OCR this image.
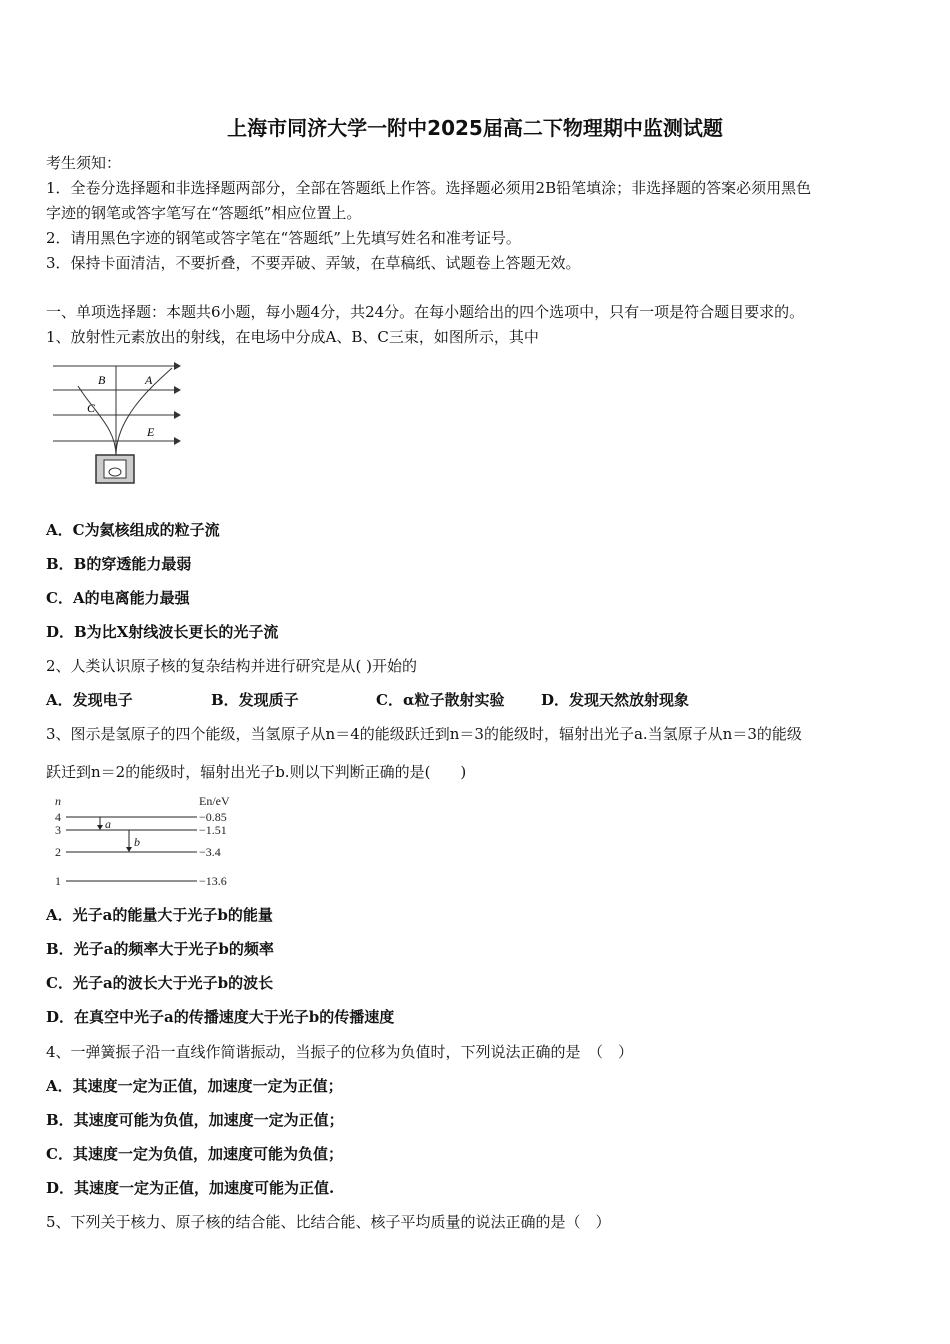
上海市同济大学一附中2025届高二下物理期中监测试题
考生须知：
1．全卷分选择题和非选择题两部分，全部在答题纸上作答。选择题必须用2B铅笔填涂；非选择题的答案必须用黑色
字迹的钢笔或答字笔写在“答题纸”相应位置上。
2．请用黑色字迹的钢笔或答字笔在“答题纸”上先填写姓名和准考证号。
3．保持卡面清洁，不要折叠，不要弄破、弄皱，在草稿纸、试题卷上答题无效。
一、单项选择题：本题共6小题，每小题4分，共24分。在每小题给出的四个选项中，只有一项是符合题目要求的。
1、放射性元素放出的射线，在电场中分成A、B、C三束，如图所示，其中
B	A
C
E
A．C为氦核组成的粒子流
B．B的穿透能力最弱
C．A的电离能力最强
D．B为比X射线波长更长的光子流
2、人类认识原子核的复杂结构并进行研究是从( )开始的
A．发现电子	B．发现质子	C．α粒子散射实验 D．发现天然放射现象
3、图示是氢原子的四个能级，当氢原子从n＝4的能级跃迁到n＝3的能级时，辐射出光子a.当氢原子从n＝3的能级
跃迁到n＝2的能级时，辐射出光子b.则以下判断正确的是(　　)
n	En/eV
4
3
2
1
−0.85
−1.51
−3.4
−13.6
a
b
A．光子a的能量大于光子b的能量
B．光子a的频率大于光子b的频率
C．光子a的波长大于光子b的波长
D．在真空中光子a的传播速度大于光子b的传播速度
4、一弹簧振子沿一直线作简谐振动，当振子的位移为负值时，下列说法正确的是　（　）
A．其速度一定为正值，加速度一定为正值；
B．其速度可能为负值，加速度一定为正值；
C．其速度一定为负值，加速度可能为负值；
D．其速度一定为正值，加速度可能为正值.
5、下列关于核力、原子核的结合能、比结合能、核子平均质量的说法正确的是（　）
